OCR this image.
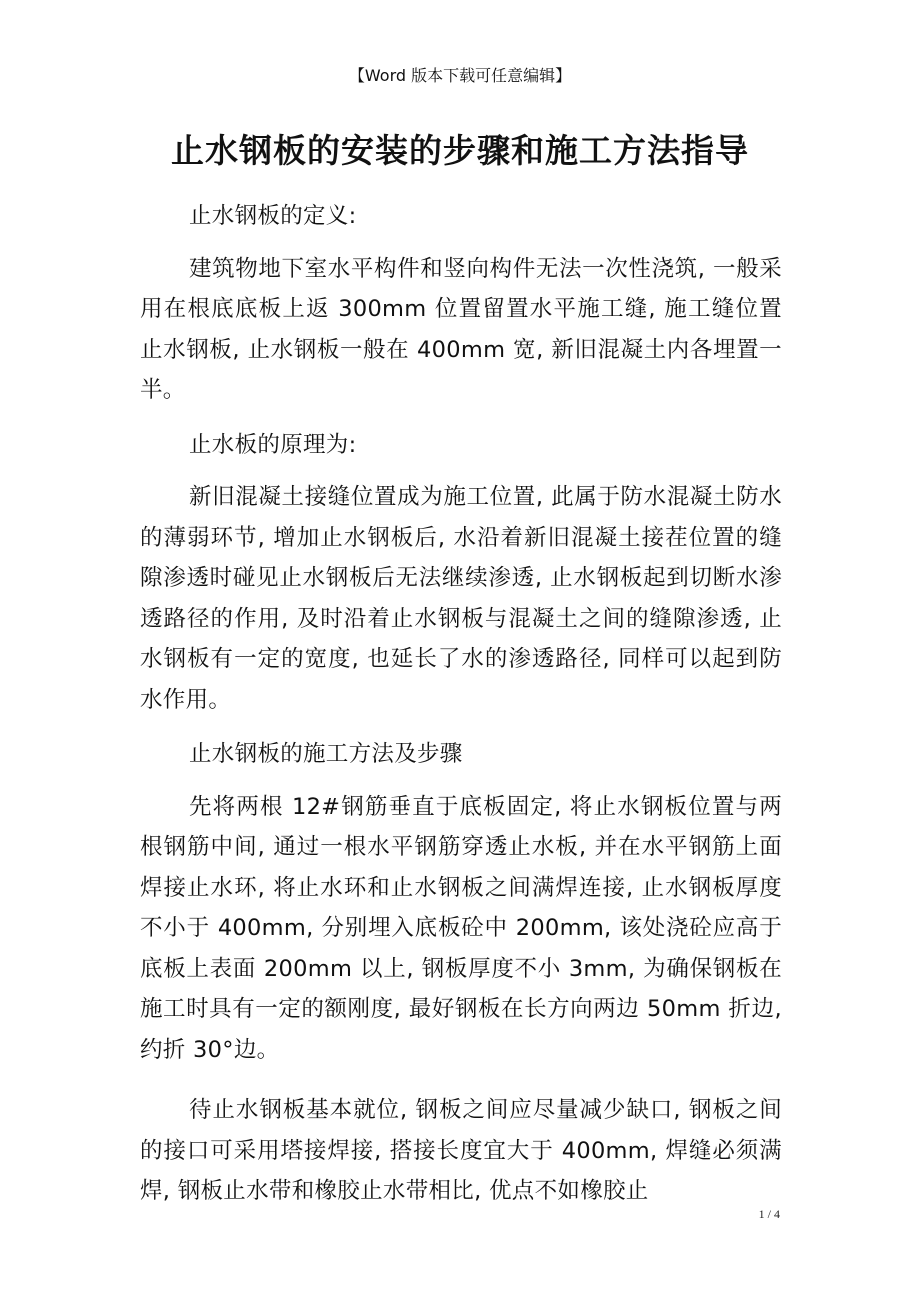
【Word 版本下载可任意编辑】
止水钢板的安装的步骤和施工方法指导

止水钢板的定义:

建筑物地下室水平构件和竖向构件无法一次性浇筑, 一般采用在根底底板上返 300mm 位置留置水平施工缝, 施工缝位置止水钢板, 止水钢板一般在 400mm 宽, 新旧混凝土内各埋置一半。

止水板的原理为:

新旧混凝土接缝位置成为施工位置, 此属于防水混凝土防水的薄弱环节, 增加止水钢板后, 水沿着新旧混凝土接茬位置的缝隙渗透时碰见止水钢板后无法继续渗透, 止水钢板起到切断水渗透路径的作用, 及时沿着止水钢板与混凝土之间的缝隙渗透, 止水钢板有一定的宽度, 也延长了水的渗透路径, 同样可以起到防水作用。

止水钢板的施工方法及步骤

先将两根 12#钢筋垂直于底板固定, 将止水钢板位置与两根钢筋中间, 通过一根水平钢筋穿透止水板, 并在水平钢筋上面焊接止水环, 将止水环和止水钢板之间满焊连接, 止水钢板厚度不小于 400mm, 分别埋入底板砼中 200mm, 该处浇砼应高于底板上表面 200mm 以上, 钢板厚度不小 3mm, 为确保钢板在施工时具有一定的额刚度, 最好钢板在长方向两边 50mm 折边, 约折 30°边。

待止水钢板基本就位, 钢板之间应尽量减少缺口, 钢板之间的接口可采用塔接焊接, 搭接长度宜大于 400mm, 焊缝必须满焊, 钢板止水带和橡胶止水带相比, 优点不如橡胶止

1 / 4
